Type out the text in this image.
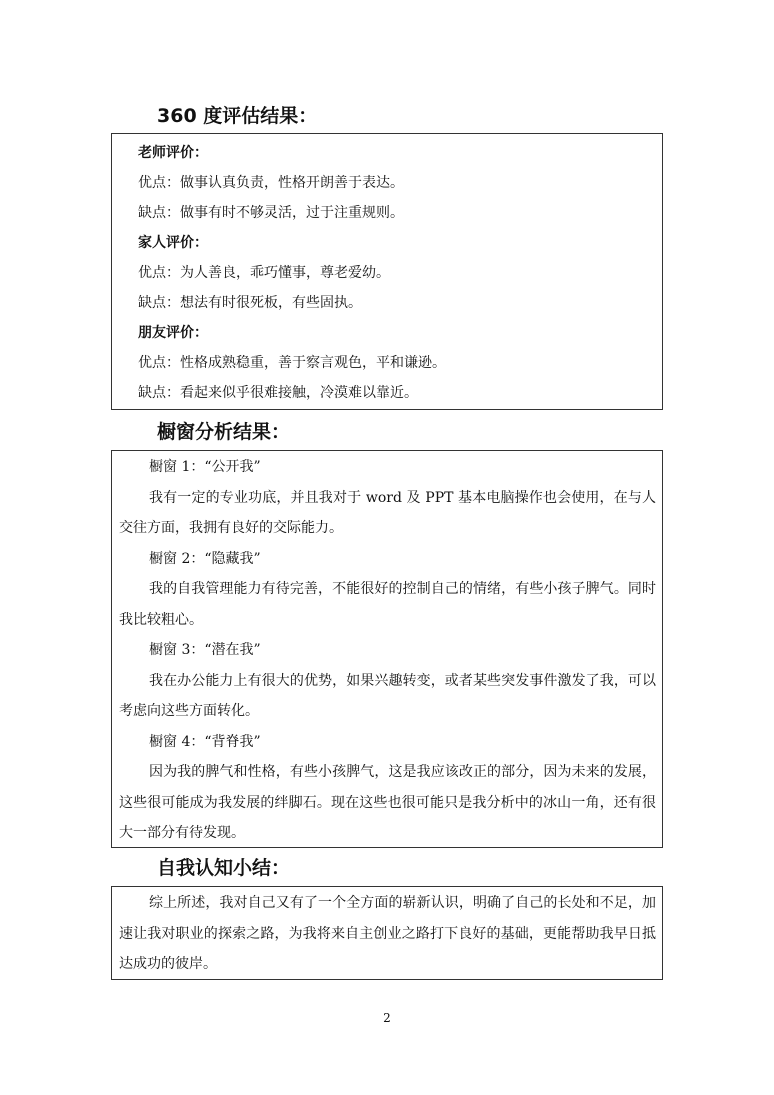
360 度评估结果：

老师评价：

优点：做事认真负责，性格开朗善于表达。

缺点：做事有时不够灵活，过于注重规则。

家人评价：

优点：为人善良，乖巧懂事，尊老爱幼。

缺点：想法有时很死板，有些固执。

朋友评价：

优点：性格成熟稳重，善于察言观色，平和谦逊。

缺点：看起来似乎很难接触，冷漠难以靠近。

橱窗分析结果：

橱窗 1：“公开我”

我有一定的专业功底，并且我对于 word 及 PPT 基本电脑操作也会使用，在与人交往方面，我拥有良好的交际能力。

橱窗 2：“隐藏我”

我的自我管理能力有待完善，不能很好的控制自己的情绪，有些小孩子脾气。同时我比较粗心。

橱窗 3：“潜在我”

我在办公能力上有很大的优势，如果兴趣转变，或者某些突发事件激发了我，可以考虑向这些方面转化。

橱窗 4：“背脊我”

因为我的脾气和性格，有些小孩脾气，这是我应该改正的部分，因为未来的发展，这些很可能成为我发展的绊脚石。现在这些也很可能只是我分析中的冰山一角，还有很大一部分有待发现。

自我认知小结：

综上所述，我对自己又有了一个全方面的崭新认识，明确了自己的长处和不足，加速让我对职业的探索之路，为我将来自主创业之路打下良好的基础，更能帮助我早日抵达成功的彼岸。

2
